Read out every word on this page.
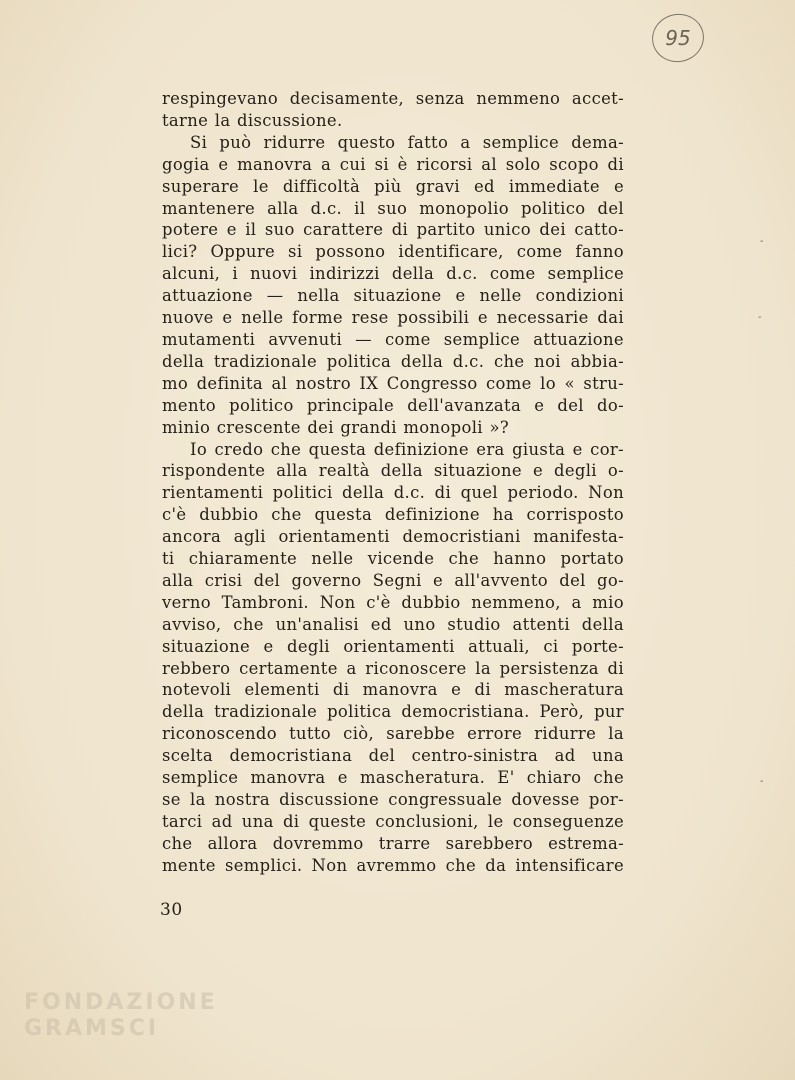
95

respingevano decisamente, senza nemmeno accet-
tarne la discussione.

Si può ridurre questo fatto a semplice dema-
gogia e manovra a cui si è ricorsi al solo scopo di
superare le difficoltà più gravi ed immediate e
mantenere alla d.c. il suo monopolio politico del
potere e il suo carattere di partito unico dei catto-
lici? Oppure si possono identificare, come fanno
alcuni, i nuovi indirizzi della d.c. come semplice
attuazione — nella situazione e nelle condizioni
nuove e nelle forme rese possibili e necessarie dai
mutamenti avvenuti — come semplice attuazione
della tradizionale politica della d.c. che noi abbia-
mo definita al nostro IX Congresso come lo « stru-
mento politico principale dell'avanzata e del do-
minio crescente dei grandi monopoli »?

Io credo che questa definizione era giusta e cor-
rispondente alla realtà della situazione e degli o-
rientamenti politici della d.c. di quel periodo. Non
c'è dubbio che questa definizione ha corrisposto
ancora agli orientamenti democristiani manifesta-
ti chiaramente nelle vicende che hanno portato
alla crisi del governo Segni e all'avvento del go-
verno Tambroni. Non c'è dubbio nemmeno, a mio
avviso, che un'analisi ed uno studio attenti della
situazione e degli orientamenti attuali, ci porte-
rebbero certamente a riconoscere la persistenza di
notevoli elementi di manovra e di mascheratura
della tradizionale politica democristiana. Però, pur
riconoscendo tutto ciò, sarebbe errore ridurre la
scelta democristiana del centro-sinistra ad una
semplice manovra e mascheratura. E' chiaro che
se la nostra discussione congressuale dovesse por-
tarci ad una di queste conclusioni, le conseguenze
che allora dovremmo trarre sarebbero estrema-
mente semplici. Non avremmo che da intensificare

30
-
-
-
FONDAZIONE
GRAMSCI
